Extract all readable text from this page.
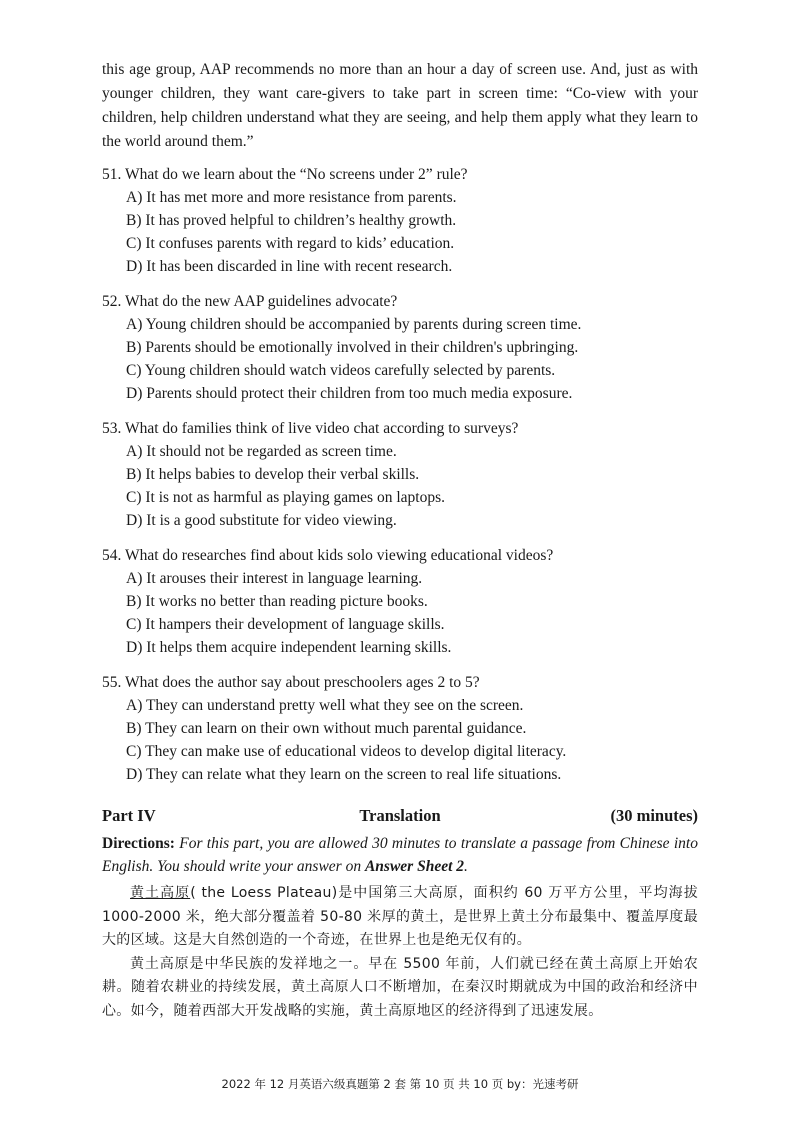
this age group, AAP recommends no more than an hour a day of screen use. And, just as with younger children, they want care-givers to take part in screen time: “Co-view with your children, help children understand what they are seeing, and help them apply what they learn to the world around them.”

51. What do we learn about the “No screens under 2” rule?
A) It has met more and more resistance from parents.
B) It has proved helpful to children’s healthy growth.
C) It confuses parents with regard to kids’ education.
D) It has been discarded in line with recent research.
52. What do the new AAP guidelines advocate?
A) Young children should be accompanied by parents during screen time.
B) Parents should be emotionally involved in their children's upbringing.
C) Young children should watch videos carefully selected by parents.
D) Parents should protect their children from too much media exposure.
53. What do families think of live video chat according to surveys?
A) It should not be regarded as screen time.
B) It helps babies to develop their verbal skills.
C) It is not as harmful as playing games on laptops.
D) It is a good substitute for video viewing.
54. What do researches find about kids solo viewing educational videos?
A) It arouses their interest in language learning.
B) It works no better than reading picture books.
C) It hampers their development of language skills.
D) It helps them acquire independent learning skills.
55. What does the author say about preschoolers ages 2 to 5?
A) They can understand pretty well what they see on the screen.
B) They can learn on their own without much parental guidance.
C) They can make use of educational videos to develop digital literacy.
D) They can relate what they learn on the screen to real life situations.
Part IV	Translation	(30 minutes)
Directions: For this part, you are allowed 30 minutes to translate a passage from Chinese into English. You should write your answer on Answer Sheet 2.

黄土高原( the Loess Plateau)是中国第三大高原，面积约 60 万平方公里，平均海拔 1000-2000 米，绝大部分覆盖着 50-80 米厚的黄土，是世界上黄土分布最集中、覆盖厚度最大的区域。这是大自然创造的一个奇迹，在世界上也是绝无仅有的。

黄土高原是中华民族的发祥地之一。早在 5500 年前，人们就已经在黄土高原上开始农耕。随着农耕业的持续发展，黄土高原人口不断增加，在秦汉时期就成为中国的政治和经济中心。如今，随着西部大开发战略的实施，黄土高原地区的经济得到了迅速发展。

2022 年 12 月英语六级真题第 2 套 第 10 页 共 10 页 by：光速考研
